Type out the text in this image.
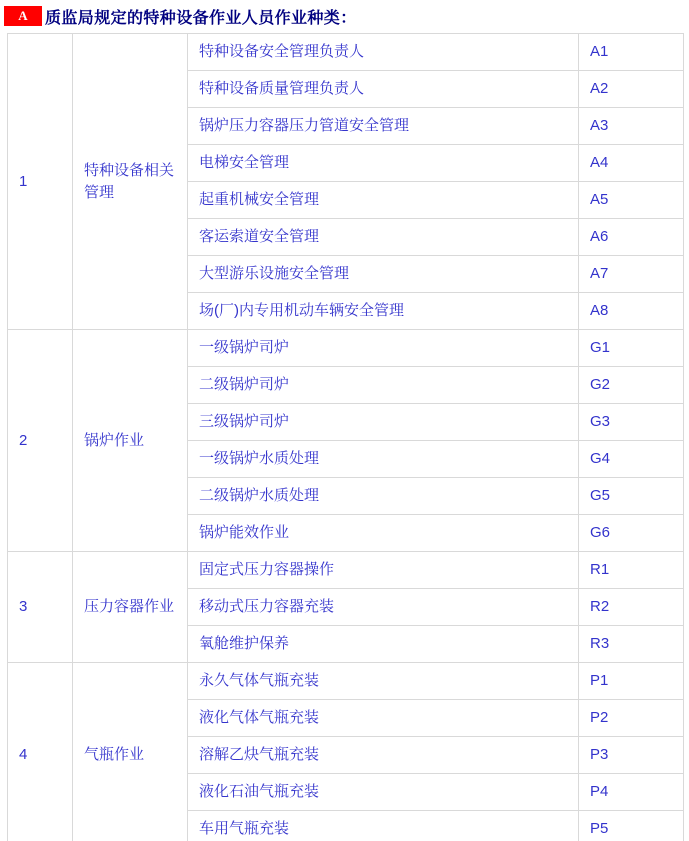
A	质监局规定的特种设备作业人员作业种类：
1	特种设备相关管理	特种设备安全管理负责人	A1
		特种设备质量管理负责人	A2
		锅炉压力容器压力管道安全管理	A3
		电梯安全管理	A4
		起重机械安全管理	A5
		客运索道安全管理	A6
		大型游乐设施安全管理	A7
		场(厂)内专用机动车辆安全管理	A8
2	锅炉作业	一级锅炉司炉	G1
		二级锅炉司炉	G2
		三级锅炉司炉	G3
		一级锅炉水质处理	G4
		二级锅炉水质处理	G5
		锅炉能效作业	G6
3	压力容器作业	固定式压力容器操作	R1
		移动式压力容器充装	R2
		氧舱维护保养	R3
4	气瓶作业	永久气体气瓶充装	P1
		液化气体气瓶充装	P2
		溶解乙炔气瓶充装	P3
		液化石油气瓶充装	P4
		车用气瓶充装	P5
